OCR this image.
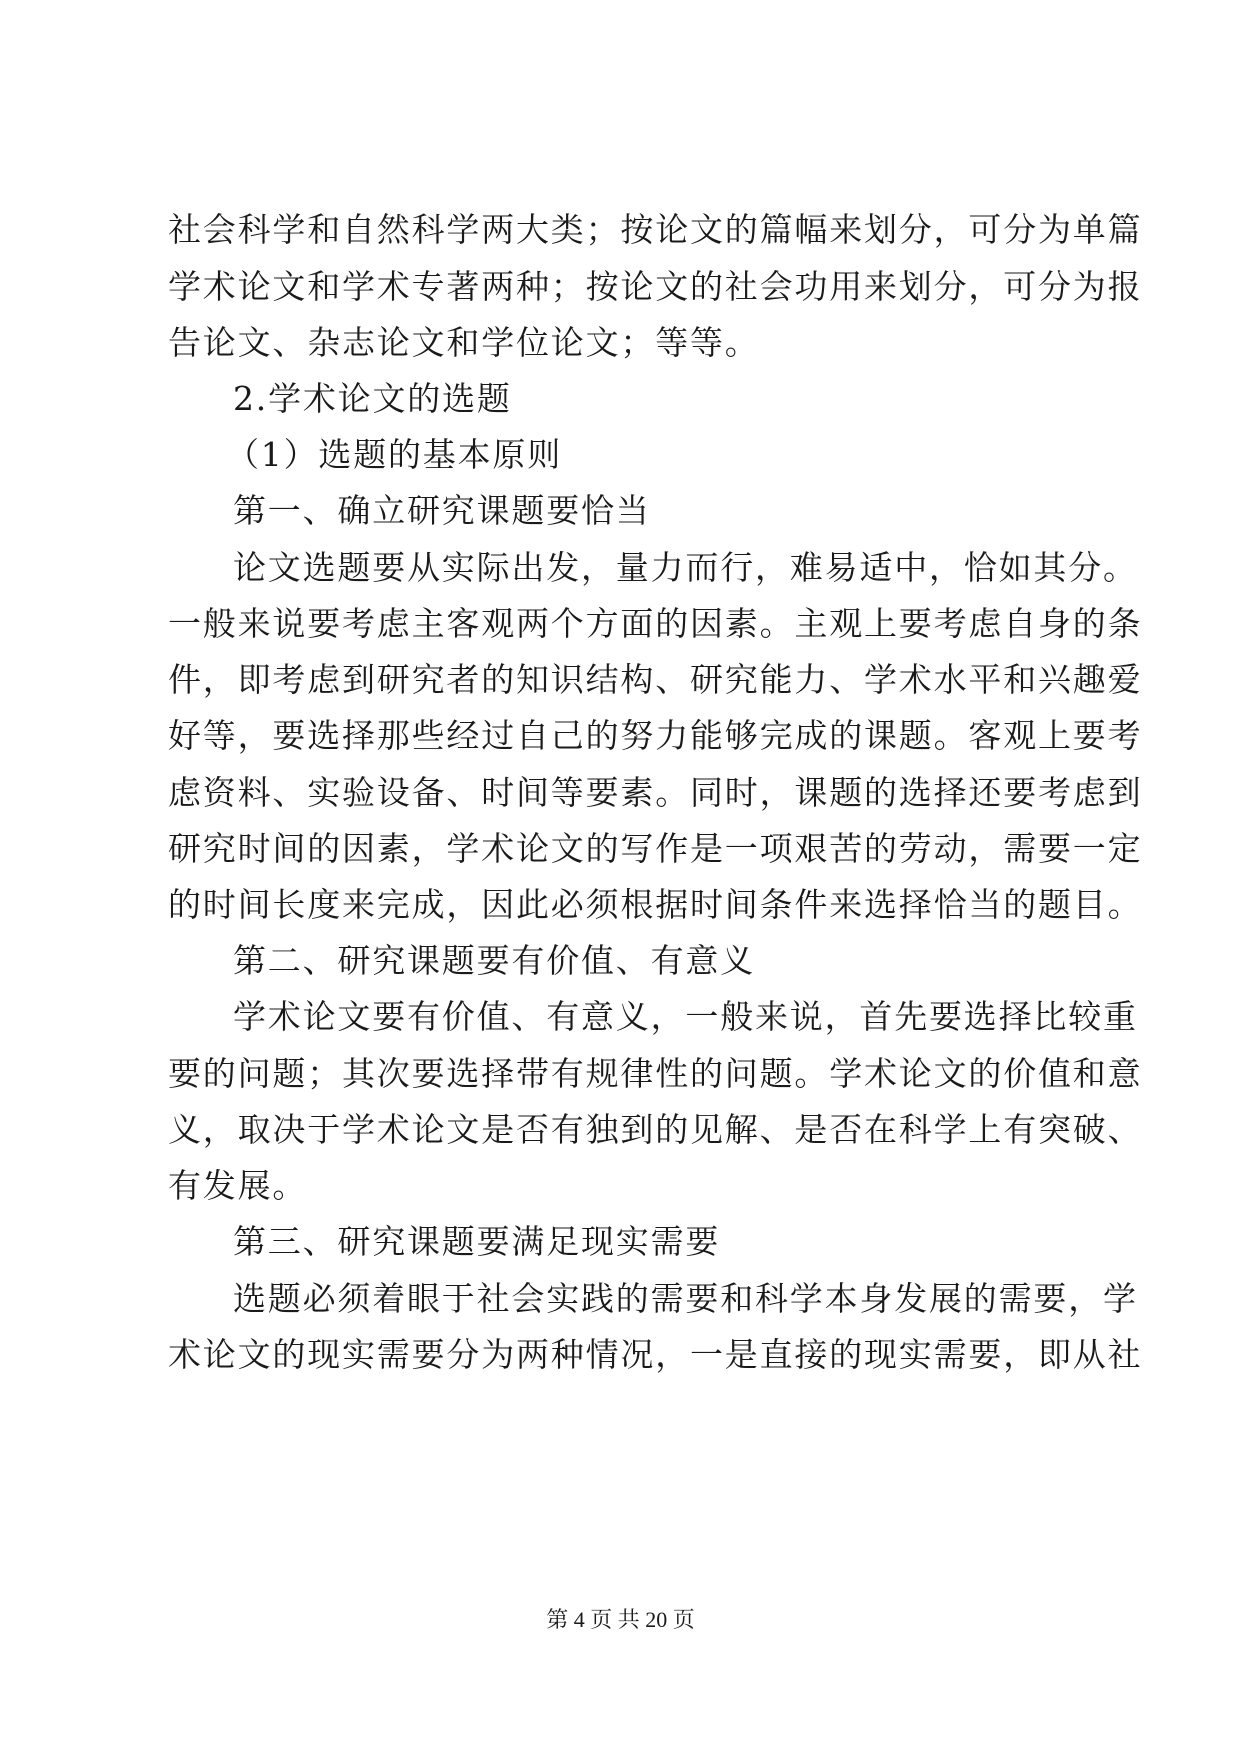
社会科学和自然科学两大类；按论文的篇幅来划分，可分为单篇
学术论文和学术专著两种；按论文的社会功用来划分，可分为报
告论文、杂志论文和学位论文；等等。
2.学术论文的选题
（1）选题的基本原则
第一、确立研究课题要恰当
论文选题要从实际出发，量力而行，难易适中，恰如其分。
一般来说要考虑主客观两个方面的因素。主观上要考虑自身的条
件，即考虑到研究者的知识结构、研究能力、学术水平和兴趣爱
好等，要选择那些经过自己的努力能够完成的课题。客观上要考
虑资料、实验设备、时间等要素。同时，课题的选择还要考虑到
研究时间的因素，学术论文的写作是一项艰苦的劳动，需要一定
的时间长度来完成，因此必须根据时间条件来选择恰当的题目。
第二、研究课题要有价值、有意义
学术论文要有价值、有意义，一般来说，首先要选择比较重
要的问题；其次要选择带有规律性的问题。学术论文的价值和意
义，取决于学术论文是否有独到的见解、是否在科学上有突破、
有发展。
第三、研究课题要满足现实需要
选题必须着眼于社会实践的需要和科学本身发展的需要，学
术论文的现实需要分为两种情况，一是直接的现实需要，即从社
第 4 页 共 20 页
